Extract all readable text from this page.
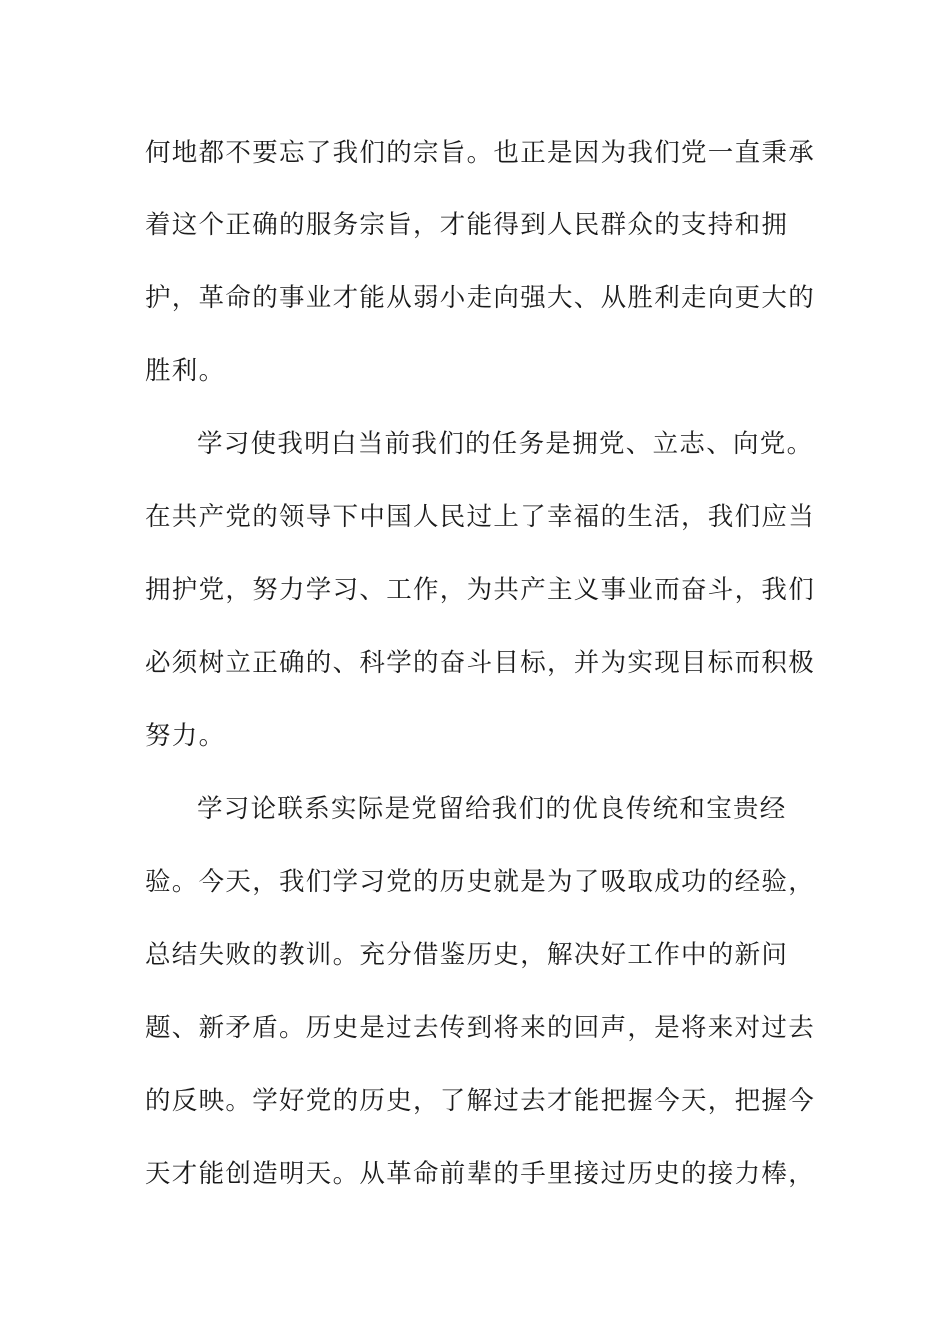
何地都不要忘了我们的宗旨。也正是因为我们党一直秉承
着这个正确的服务宗旨，才能得到人民群众的支持和拥
护，革命的事业才能从弱小走向强大、从胜利走向更大的
胜利。
学习使我明白当前我们的任务是拥党、立志、向党。
在共产党的领导下中国人民过上了幸福的生活，我们应当
拥护党，努力学习、工作，为共产主义事业而奋斗，我们
必须树立正确的、科学的奋斗目标，并为实现目标而积极
努力。
学习论联系实际是党留给我们的优良传统和宝贵经
验。今天，我们学习党的历史就是为了吸取成功的经验，
总结失败的教训。充分借鉴历史，解决好工作中的新问
题、新矛盾。历史是过去传到将来的回声，是将来对过去
的反映。学好党的历史，了解过去才能把握今天，把握今
天才能创造明天。从革命前辈的手里接过历史的接力棒，
